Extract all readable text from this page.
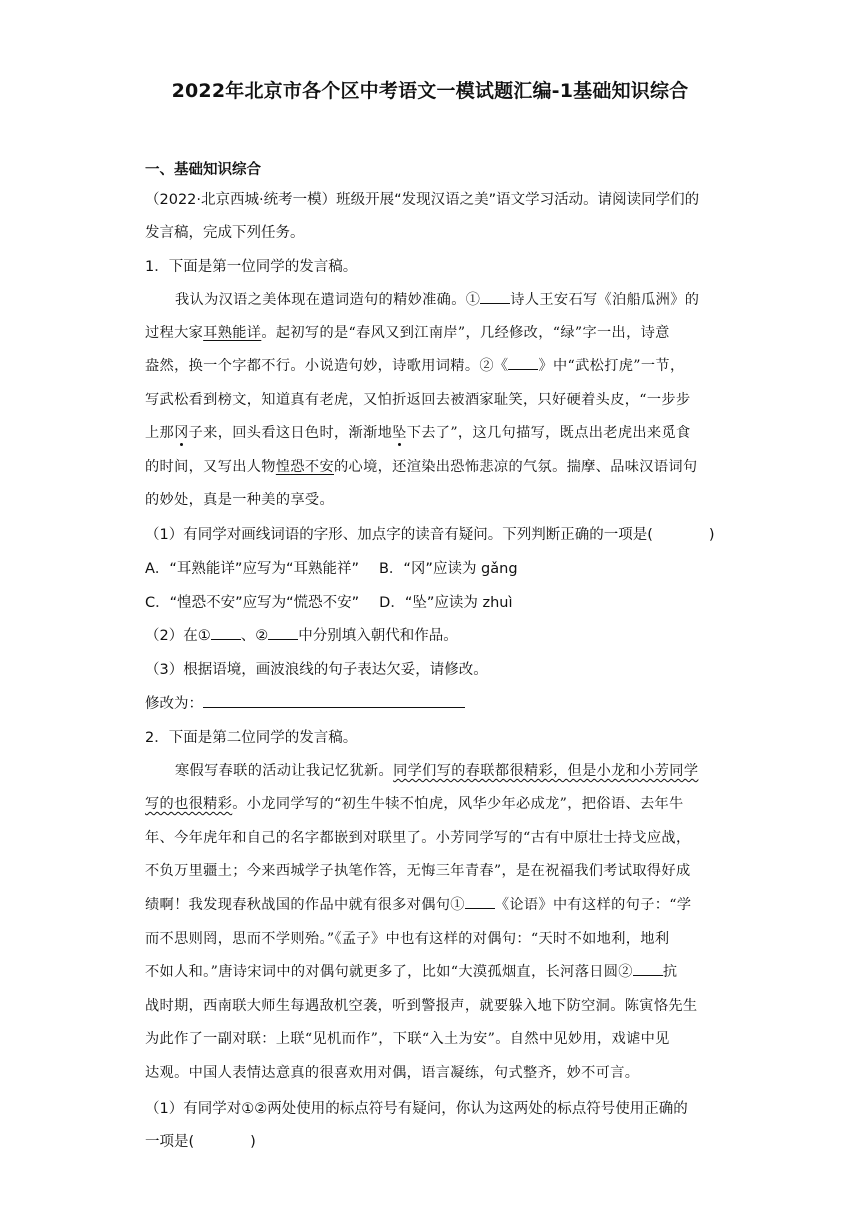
2022年北京市各个区中考语文一模试题汇编-1基础知识综合
一、基础知识综合
（2022·北京西城·统考一模）班级开展“发现汉语之美”语文学习活动。请阅读同学们的
发言稿，完成下列任务。
1．下面是第一位同学的发言稿。
我认为汉语之美体现在遣词造句的精妙准确。① 诗人王安石写《泊船瓜洲》的
过程大家耳熟能详。起初写的是“春风又到江南岸”，几经修改，“绿”字一出，诗意
盎然，换一个字都不行。小说造句妙，诗歌用词精。②《 》中“武松打虎”一节，
写武松看到榜文，知道真有老虎，又怕折返回去被酒家耻笑，只好硬着头皮，“一步步
上那冈子来，回头看这日色时，渐渐地坠下去了”，这几句描写，既点出老虎出来觅食
的时间，又写出人物惶恐不安的心境，还渲染出恐怖悲凉的气氛。揣摩、品味汉语词句
的妙处，真是一种美的享受。
（1）有同学对画线词语的字形、加点字的读音有疑问。下列判断正确的一项是(	)
A．“耳熟能详”应写为“耳熟能祥” B．“冈”应读为 gǎng
C．“惶恐不安”应写为“慌恐不安” D．“坠”应读为 zhuì
（2）在① 、② 中分别填入朝代和作品。
（3）根据语境，画波浪线的句子表达欠妥，请修改。
修改为：
2．下面是第二位同学的发言稿。
寒假写春联的活动让我记忆犹新。同学们写的春联都很精彩，但是小龙和小芳同学
写的也很精彩。小龙同学写的“初生牛犊不怕虎，风华少年必成龙”，把俗语、去年牛
年、今年虎年和自己的名字都嵌到对联里了。小芳同学写的“古有中原壮士持戈应战，
不负万里疆土；今来西城学子执笔作答，无悔三年青春”，是在祝福我们考试取得好成
绩啊！我发现春秋战国的作品中就有很多对偶句① 《论语》中有这样的句子：“学
而不思则罔，思而不学则殆。”《孟子》中也有这样的对偶句：“天时不如地利，地利
不如人和。”唐诗宋词中的对偶句就更多了，比如“大漠孤烟直，长河落日圆② 抗
战时期，西南联大师生每遇敌机空袭，听到警报声，就要躲入地下防空洞。陈寅恪先生
为此作了一副对联：上联“见机而作”，下联“入土为安”。自然中见妙用，戏谑中见
达观。中国人表情达意真的很喜欢用对偶，语言凝练，句式整齐，妙不可言。
（1）有同学对①②两处使用的标点符号有疑问，你认为这两处的标点符号使用正确的
一项是(	)
